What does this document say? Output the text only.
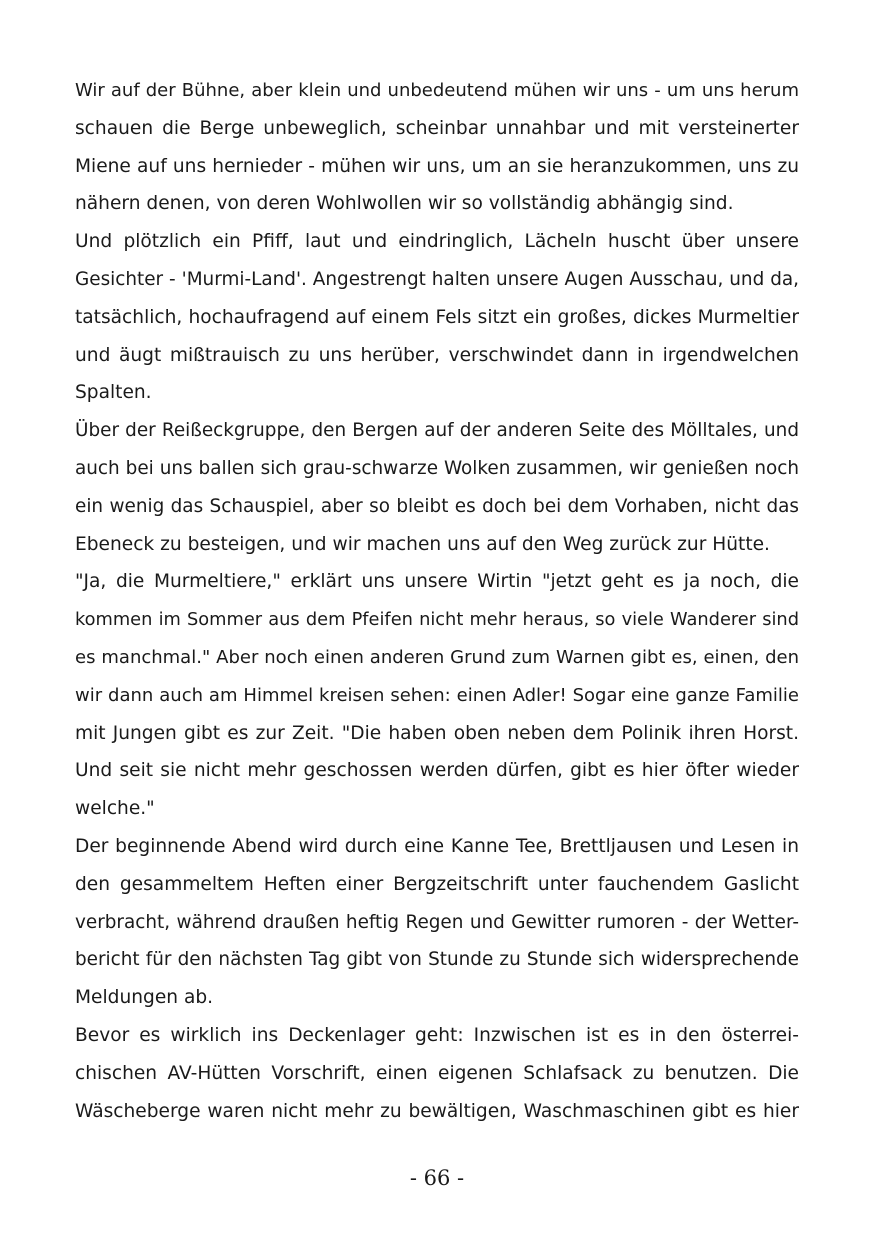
Wir auf der Bühne, aber klein und unbedeutend mühen wir uns - um uns herum
schauen die Berge unbeweglich, scheinbar unnahbar und mit versteinerter
Miene auf uns hernieder - mühen wir uns, um an sie heranzukommen, uns zu
nähern denen, von deren Wohlwollen wir so vollständig abhängig sind.
Und plötzlich ein Pfiff, laut und eindringlich, Lächeln huscht über unsere
Gesichter - 'Murmi-Land'. Angestrengt halten unsere Augen Ausschau, und da,
tatsächlich, hochaufragend auf einem Fels sitzt ein großes, dickes Murmeltier
und äugt mißtrauisch zu uns herüber, verschwindet dann in irgendwelchen
Spalten.
Über der Reißeckgruppe, den Bergen auf der anderen Seite des Mölltales, und
auch bei uns ballen sich grau-schwarze Wolken zusammen, wir genießen noch
ein wenig das Schauspiel, aber so bleibt es doch bei dem Vorhaben, nicht das
Ebeneck zu besteigen, und wir machen uns auf den Weg zurück zur Hütte.
"Ja, die Murmeltiere," erklärt uns unsere Wirtin "jetzt geht es ja noch, die
kommen im Sommer aus dem Pfeifen nicht mehr heraus, so viele Wanderer sind
es manchmal." Aber noch einen anderen Grund zum Warnen gibt es, einen, den
wir dann auch am Himmel kreisen sehen: einen Adler! Sogar eine ganze Familie
mit Jungen gibt es zur Zeit. "Die haben oben neben dem Polinik ihren Horst.
Und seit sie nicht mehr geschossen werden dürfen, gibt es hier öfter wieder
welche."
Der beginnende Abend wird durch eine Kanne Tee, Brettljausen und Lesen in
den gesammeltem Heften einer Bergzeitschrift unter fauchendem Gaslicht
verbracht, während draußen heftig Regen und Gewitter rumoren - der Wetter-
bericht für den nächsten Tag gibt von Stunde zu Stunde sich widersprechende
Meldungen ab.
Bevor es wirklich ins Deckenlager geht: Inzwischen ist es in den österrei-
chischen AV-Hütten Vorschrift, einen eigenen Schlafsack zu benutzen. Die
Wäscheberge waren nicht mehr zu bewältigen, Waschmaschinen gibt es hier
- 66 -
